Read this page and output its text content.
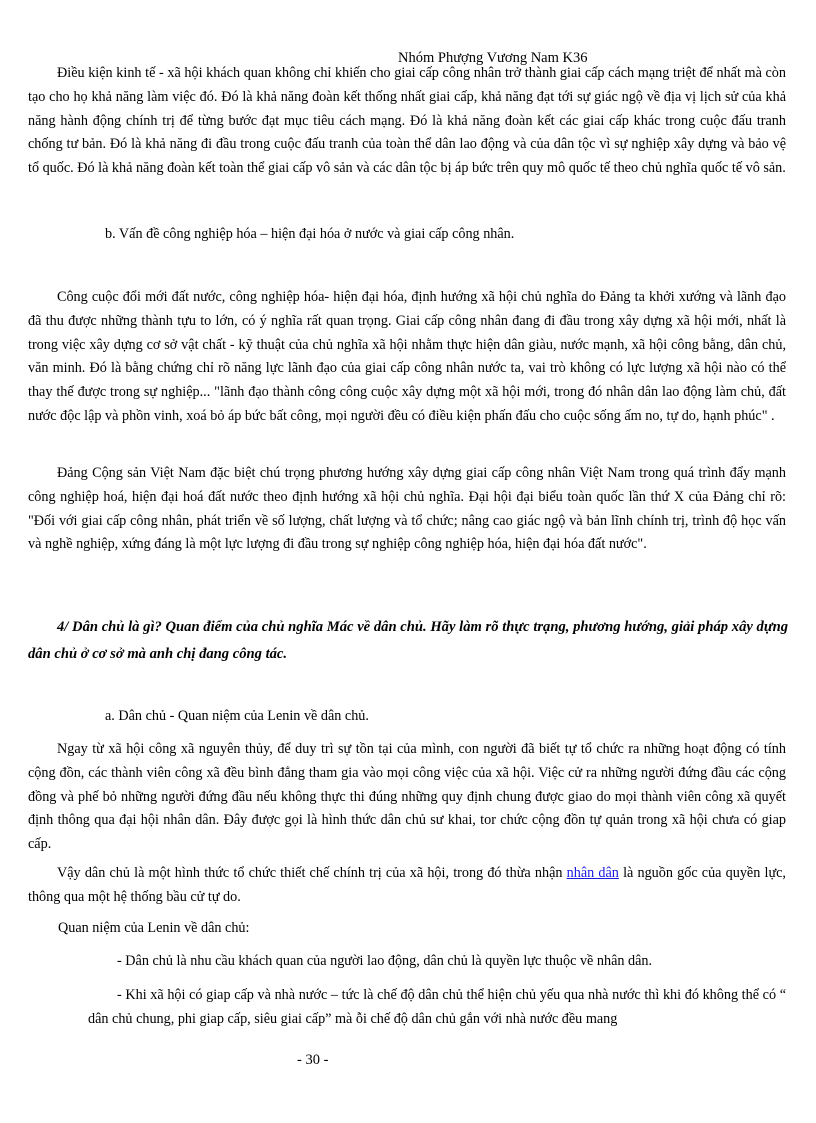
Nhóm Phượng Vương Nam K36

Điều kiện kinh tế - xã hội khách quan không chỉ khiến cho giai cấp công nhân trở thành giai cấp cách mạng triệt để nhất mà còn tạo cho họ khả năng làm việc đó. Đó là khả năng đoàn kết thống nhất giai cấp, khả năng đạt tới sự giác ngộ về địa vị lịch sử của khả năng hành động chính trị để từng bước đạt mục tiêu cách mạng. Đó là khả năng đoàn kết các giai cấp khác trong cuộc đấu tranh chống tư bản. Đó là khả năng đi đầu trong cuộc đấu tranh của toàn thể dân lao động và của dân tộc vì sự nghiệp xây dựng và bảo vệ tổ quốc. Đó là khả năng đoàn kết toàn thể giai cấp vô sản và các dân tộc bị áp bức trên quy mô quốc tế theo chủ nghĩa quốc tế vô sản.

b. Vấn đề công nghiệp hóa – hiện đại hóa ở nước và giai cấp công nhân.

Công cuộc đổi mới đất nước, công nghiệp hóa- hiện đại hóa, định hướng xã hội chủ nghĩa do Đảng ta khởi xướng và lãnh đạo đã thu được những thành tựu to lớn, có ý nghĩa rất quan trọng. Giai cấp công nhân đang đi đầu trong xây dựng xã hội mới, nhất là trong việc xây dựng cơ sở vật chất - kỹ thuật của chủ nghĩa xã hội nhằm thực hiện dân giàu, nước mạnh, xã hội công bằng, dân chủ, văn minh. Đó là bằng chứng chỉ rõ năng lực lãnh đạo của giai cấp công nhân nước ta, vai trò không có lực lượng xã hội nào có thể thay thế được trong sự nghiệp... "lãnh đạo thành công công cuộc xây dựng một xã hội mới, trong đó nhân dân lao động làm chủ, đất nước độc lập và phồn vinh, xoá bỏ áp bức bất công, mọi người đều có điều kiện phấn đấu cho cuộc sống ấm no, tự do, hạnh phúc" .

Đảng Cộng sản Việt Nam đặc biệt chú trọng phương hướng xây dựng giai cấp công nhân Việt Nam trong quá trình đẩy mạnh công nghiệp hoá, hiện đại hoá đất nước theo định hướng xã hội chủ nghĩa. Đại hội đại biểu toàn quốc lần thứ X của Đảng chỉ rõ: "Đối với giai cấp công nhân, phát triển về số lượng, chất lượng và tổ chức; nâng cao giác ngộ và bản lĩnh chính trị, trình độ học vấn và nghề nghiệp, xứng đáng là một lực lượng đi đầu trong sự nghiệp công nghiệp hóa, hiện đại hóa đất nước".

4/ Dân chủ là gì? Quan điểm của chủ nghĩa Mác về dân chủ. Hãy làm rõ thực trạng, phương hướng, giải pháp xây dựng dân chủ ở cơ sở mà anh chị đang công tác.

a. Dân chủ - Quan niệm của Lenin về dân chủ.

Ngay từ xã hội công xã nguyên thủy, để duy trì sự tồn tại của mình, con người đã biết tự tổ chức ra những hoạt động có tính cộng đồn, các thành viên công xã đều bình đẳng tham gia vào mọi công việc của xã hội. Việc cử ra những người đứng đầu các cộng đồng và phế bỏ những người đứng đầu nếu không thực thi đúng những quy định chung được giao do mọi thành viên công xã quyết định thông qua đại hội nhân dân. Đây được gọi là hình thức dân chủ sư khai, tor chức cộng đồn tự quản trong xã hội chưa có giap cấp.

Vậy dân chủ là một hình thức tổ chức thiết chế chính trị của xã hội, trong đó thừa nhận nhân dân là nguồn gốc của quyền lực, thông qua một hệ thống bầu cử tự do.

Quan niệm của Lenin về dân chủ:

- Dân chủ là nhu cầu khách quan của người lao động, dân chủ là quyền lực thuộc về nhân dân.

- Khi xã hội có giap cấp và nhà nước – tức là chế độ dân chủ thể hiện chủ yếu qua nhà nước thì khi đó không thể có “ dân chủ chung, phi giap cấp, siêu giai cấp” mà ỗi chế độ dân chủ gắn với nhà nước đều mang

- 30 -
